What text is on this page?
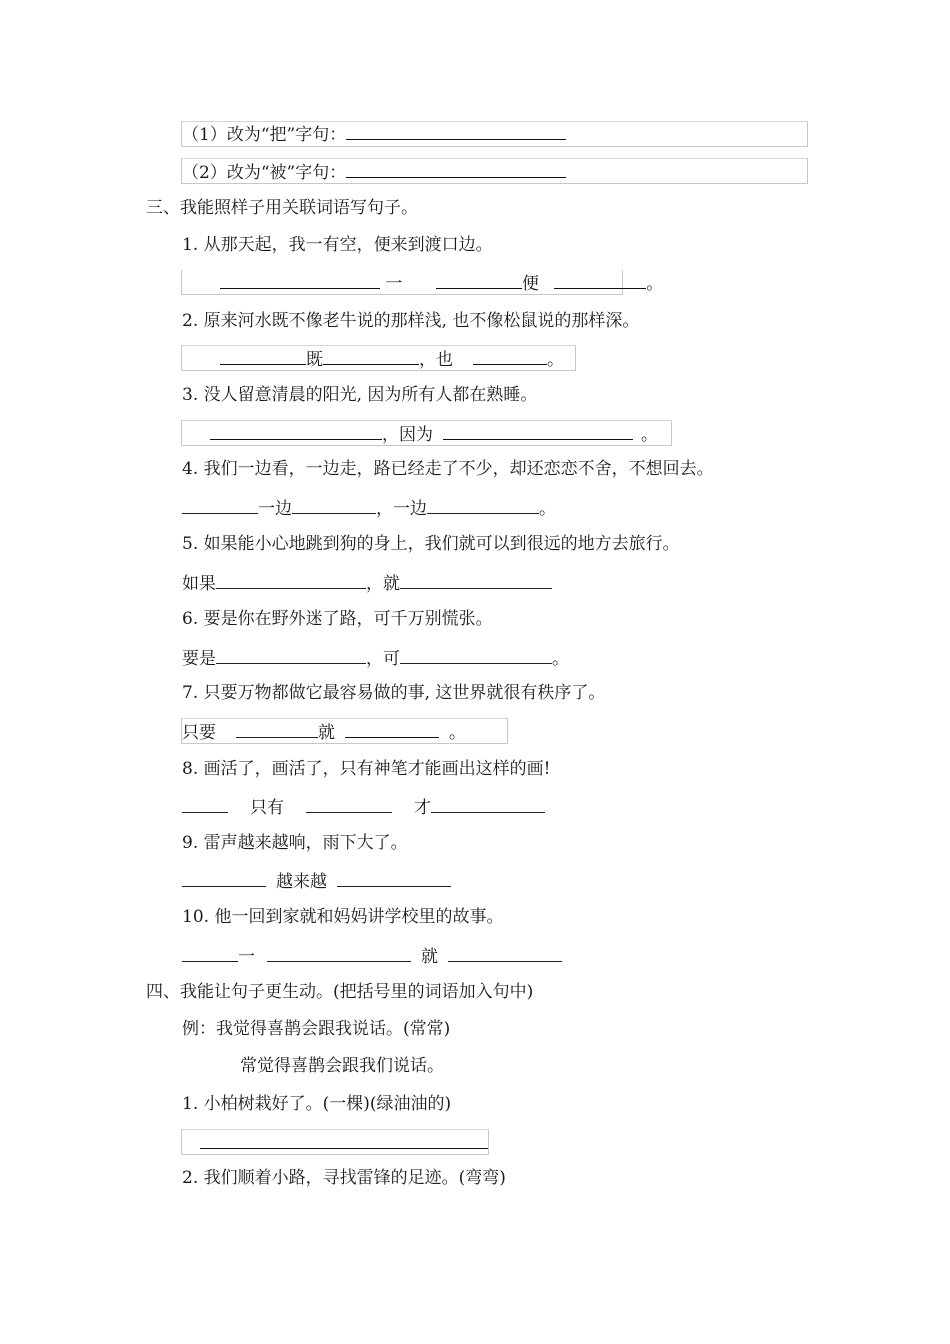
（1）改为“把”字句：
（2）改为“被”字句：
三、我能照样子用关联词语写句子。
1. 从那天起，我一有空，便来到渡口边。
一	便	。
2. 原来河水既不像老牛说的那样浅, 也不像松鼠说的那样深。
既	，也	。
3. 没人留意清晨的阳光, 因为所有人都在熟睡。
，因为	。
4. 我们一边看，一边走，路已经走了不少，却还恋恋不舍，不想回去。
一边	，一边	。
5. 如果能小心地跳到狗的身上，我们就可以到很远的地方去旅行。
如果	，就
6. 要是你在野外迷了路，可千万别慌张。
要是	，可	。
7. 只要万物都做它最容易做的事, 这世界就很有秩序了。
只要	就	。
8. 画活了，画活了，只有神笔才能画出这样的画!
只有	才
9. 雷声越来越响，雨下大了。
越来越
10. 他一回到家就和妈妈讲学校里的故事。
一	就
四、我能让句子更生动。(把括号里的词语加入句中)
例：我觉得喜鹊会跟我说话。(常常)
常觉得喜鹊会跟我们说话。
1. 小柏树栽好了。(一棵)(绿油油的)
2. 我们顺着小路，寻找雷锋的足迹。(弯弯)
